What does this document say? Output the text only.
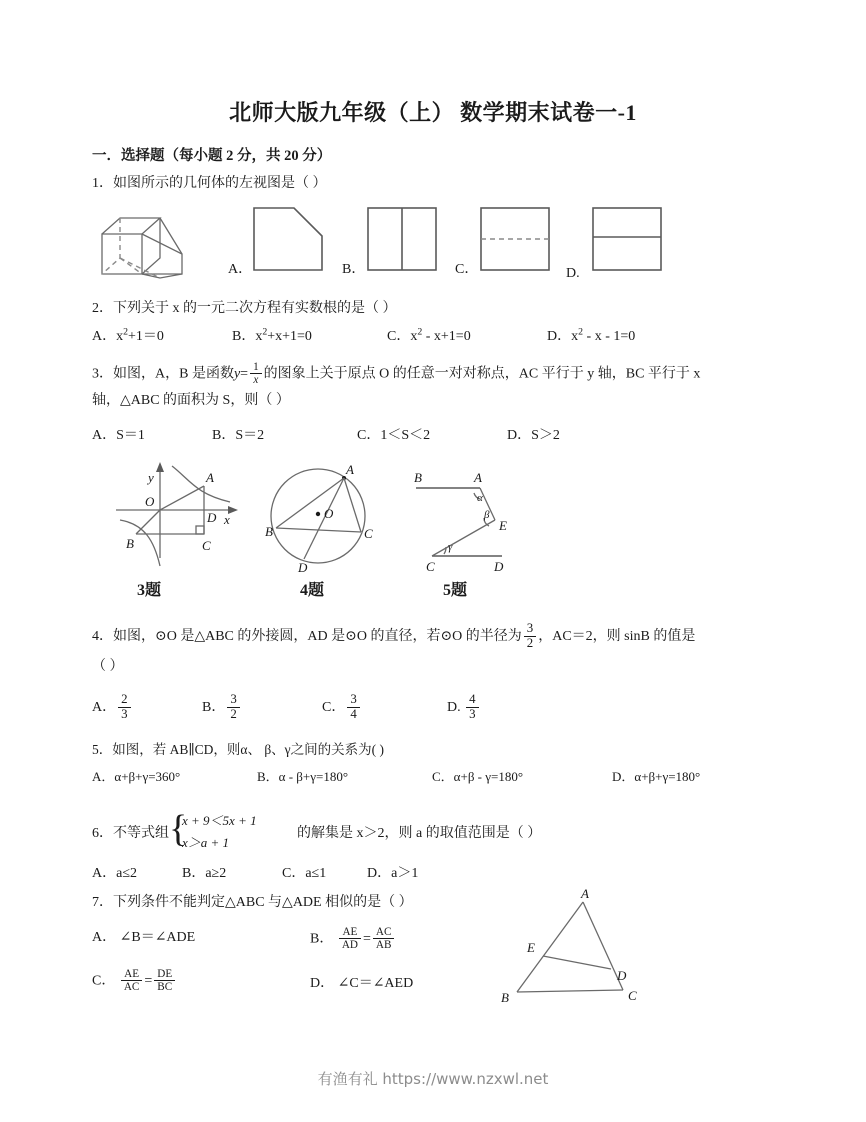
北师大版九年级（上） 数学期末试卷一-1
一．选择题（每小题 2 分，共 20 分）
1．如图所示的几何体的左视图是（ ）
A．	B．	C．	D.
2．下列关于 x 的一元二次方程有实数根的是（ ）
A．$x^2+1=0$	B．$x^2+x+1=0$	C．$x^2 - x+1=0$	D．$x^2 - x - 1=0$
3．如图，A，B 是函数$y= \frac{1}{x}$ 的图象上关于原点 O 的任意一对对称点，AC 平行于 y 轴，BC 平行于 x
轴，△ABC 的面积为 S，则（ ）
A．S＝1	B．S＝2	C．1＜S＜2	D．S＞2
y
x
O
A
B	C
D
3题
A
O
B	C
D
4题
B	A
α
β
E
γ
C	D
5题
4．如图，⊙O 是△ABC 的外接圆，AD 是⊙O 的直径，若⊙O 的半径为 $\frac{3}{2}$ ，AC＝2，则 sinB 的值是
（ ）
A． $\frac{2}{3}$	B． $\frac{3}{2}$	C． $\frac{3}{4}$	D. $\frac{4}{3}$
5．如图，若 AB∥CD，则α、 β、γ之间的关系为( )
A．α+β+γ=360°	B．α - β+γ=180°	C．α+β - γ=180°	D．α+β+γ=180°
6．不等式组 {
x + 9＜5x + 1
x＞a + 1
的解集是 x＞2，则 a 的取值范围是（ ）
A．a≤2	B．a≥2	C．a≤1	D．a＞1
7．下列条件不能判定△ABC 与△ADE 相似的是（ ）
A． ∠B＝∠ADE	B． $\frac{AE}{AD} = \frac{AC}{AB}$
C． $\frac{AE}{AC} = \frac{DE}{BC}$	D． ∠C＝∠AED
A
E
D
B	C
有渔有礼 https://www.nzxwl.net
